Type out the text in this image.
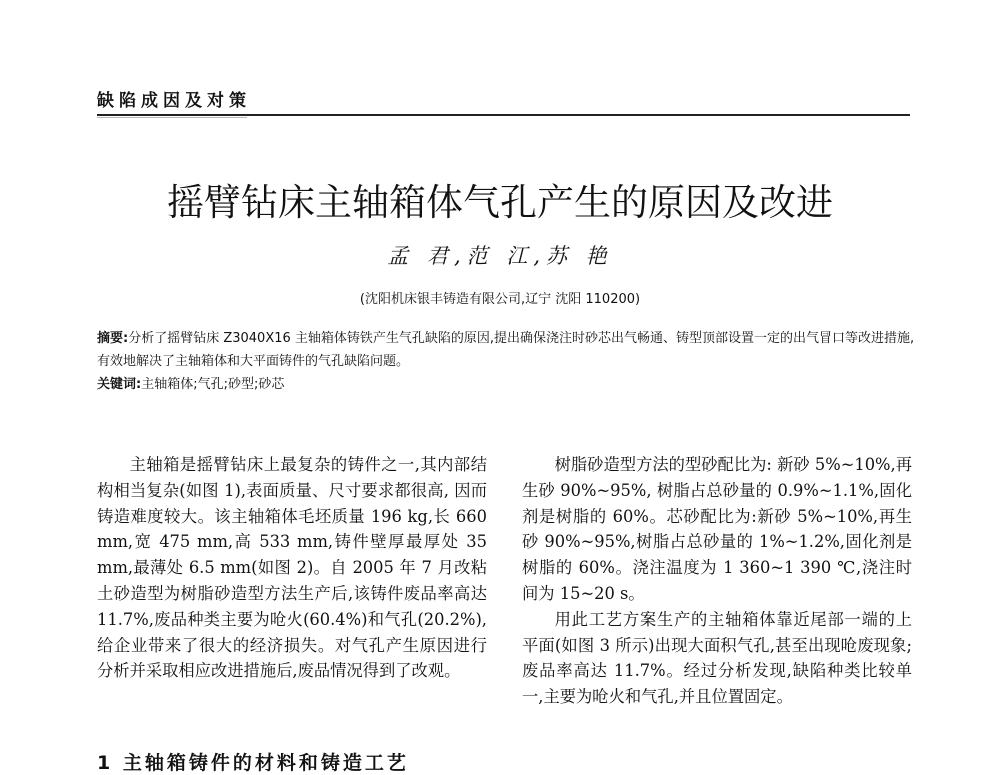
缺陷成因及对策
摇臂钻床主轴箱体气孔产生的原因及改进
孟 君,范 江,苏 艳
(沈阳机床银丰铸造有限公司,辽宁 沈阳 110200)
摘要:分析了摇臂钻床 Z3040X16 主轴箱体铸铁产生气孔缺陷的原因,提出确保浇注时砂芯出气畅通、铸型顶部设置一定的出气冒口等改进措施,有效地解决了主轴箱体和大平面铸件的气孔缺陷问题。
关键词:主轴箱体;气孔;砂型;砂芯

主轴箱是摇臂钻床上最复杂的铸件之一,其内部结构相当复杂(如图 1),表面质量、尺寸要求都很高, 因而铸造难度较大。该主轴箱体毛坯质量 196 kg,长 660 mm,宽 475 mm,高 533 mm,铸件壁厚最厚处 35 mm,最薄处 6.5 mm(如图 2)。自 2005 年 7 月改粘土砂造型为树脂砂造型方法生产后,该铸件废品率高达 11.7%,废品种类主要为呛火(60.4%)和气孔(20.2%),给企业带来了很大的经济损失。对气孔产生原因进行分析并采取相应改进措施后,废品情况得到了改观。

树脂砂造型方法的型砂配比为: 新砂 5%~10%,再生砂 90%~95%, 树脂占总砂量的 0.9%~1.1%,固化剂是树脂的 60%。芯砂配比为:新砂 5%~10%,再生砂 90%~95%,树脂占总砂量的 1%~1.2%,固化剂是树脂的 60%。浇注温度为 1 360~1 390 ℃,浇注时间为 15~20 s。

用此工艺方案生产的主轴箱体靠近尾部一端的上平面(如图 3 所示)出现大面积气孔,甚至出现呛废现象;废品率高达 11.7%。经过分析发现,缺陷种类比较单一,主要为呛火和气孔,并且位置固定。

1 主轴箱铸件的材料和铸造工艺
